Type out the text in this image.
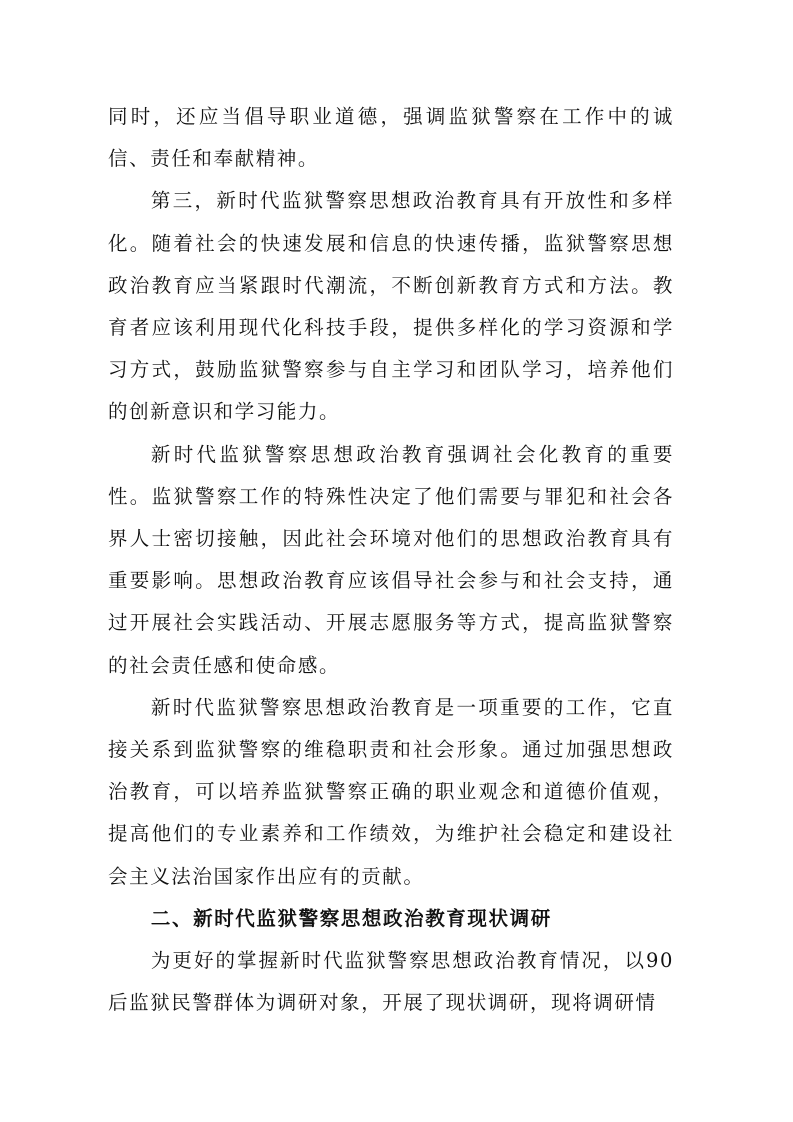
同时，还应当倡导职业道德，强调监狱警察在工作中的诚信、责任和奉献精神。

第三，新时代监狱警察思想政治教育具有开放性和多样化。随着社会的快速发展和信息的快速传播，监狱警察思想政治教育应当紧跟时代潮流，不断创新教育方式和方法。教育者应该利用现代化科技手段，提供多样化的学习资源和学习方式，鼓励监狱警察参与自主学习和团队学习，培养他们的创新意识和学习能力。

新时代监狱警察思想政治教育强调社会化教育的重要性。监狱警察工作的特殊性决定了他们需要与罪犯和社会各界人士密切接触，因此社会环境对他们的思想政治教育具有重要影响。思想政治教育应该倡导社会参与和社会支持，通过开展社会实践活动、开展志愿服务等方式，提高监狱警察的社会责任感和使命感。

新时代监狱警察思想政治教育是一项重要的工作，它直接关系到监狱警察的维稳职责和社会形象。通过加强思想政治教育，可以培养监狱警察正确的职业观念和道德价值观，提高他们的专业素养和工作绩效，为维护社会稳定和建设社会主义法治国家作出应有的贡献。

二、新时代监狱警察思想政治教育现状调研

为更好的掌握新时代监狱警察思想政治教育情况，以90后监狱民警群体为调研对象，开展了现状调研，现将调研情
